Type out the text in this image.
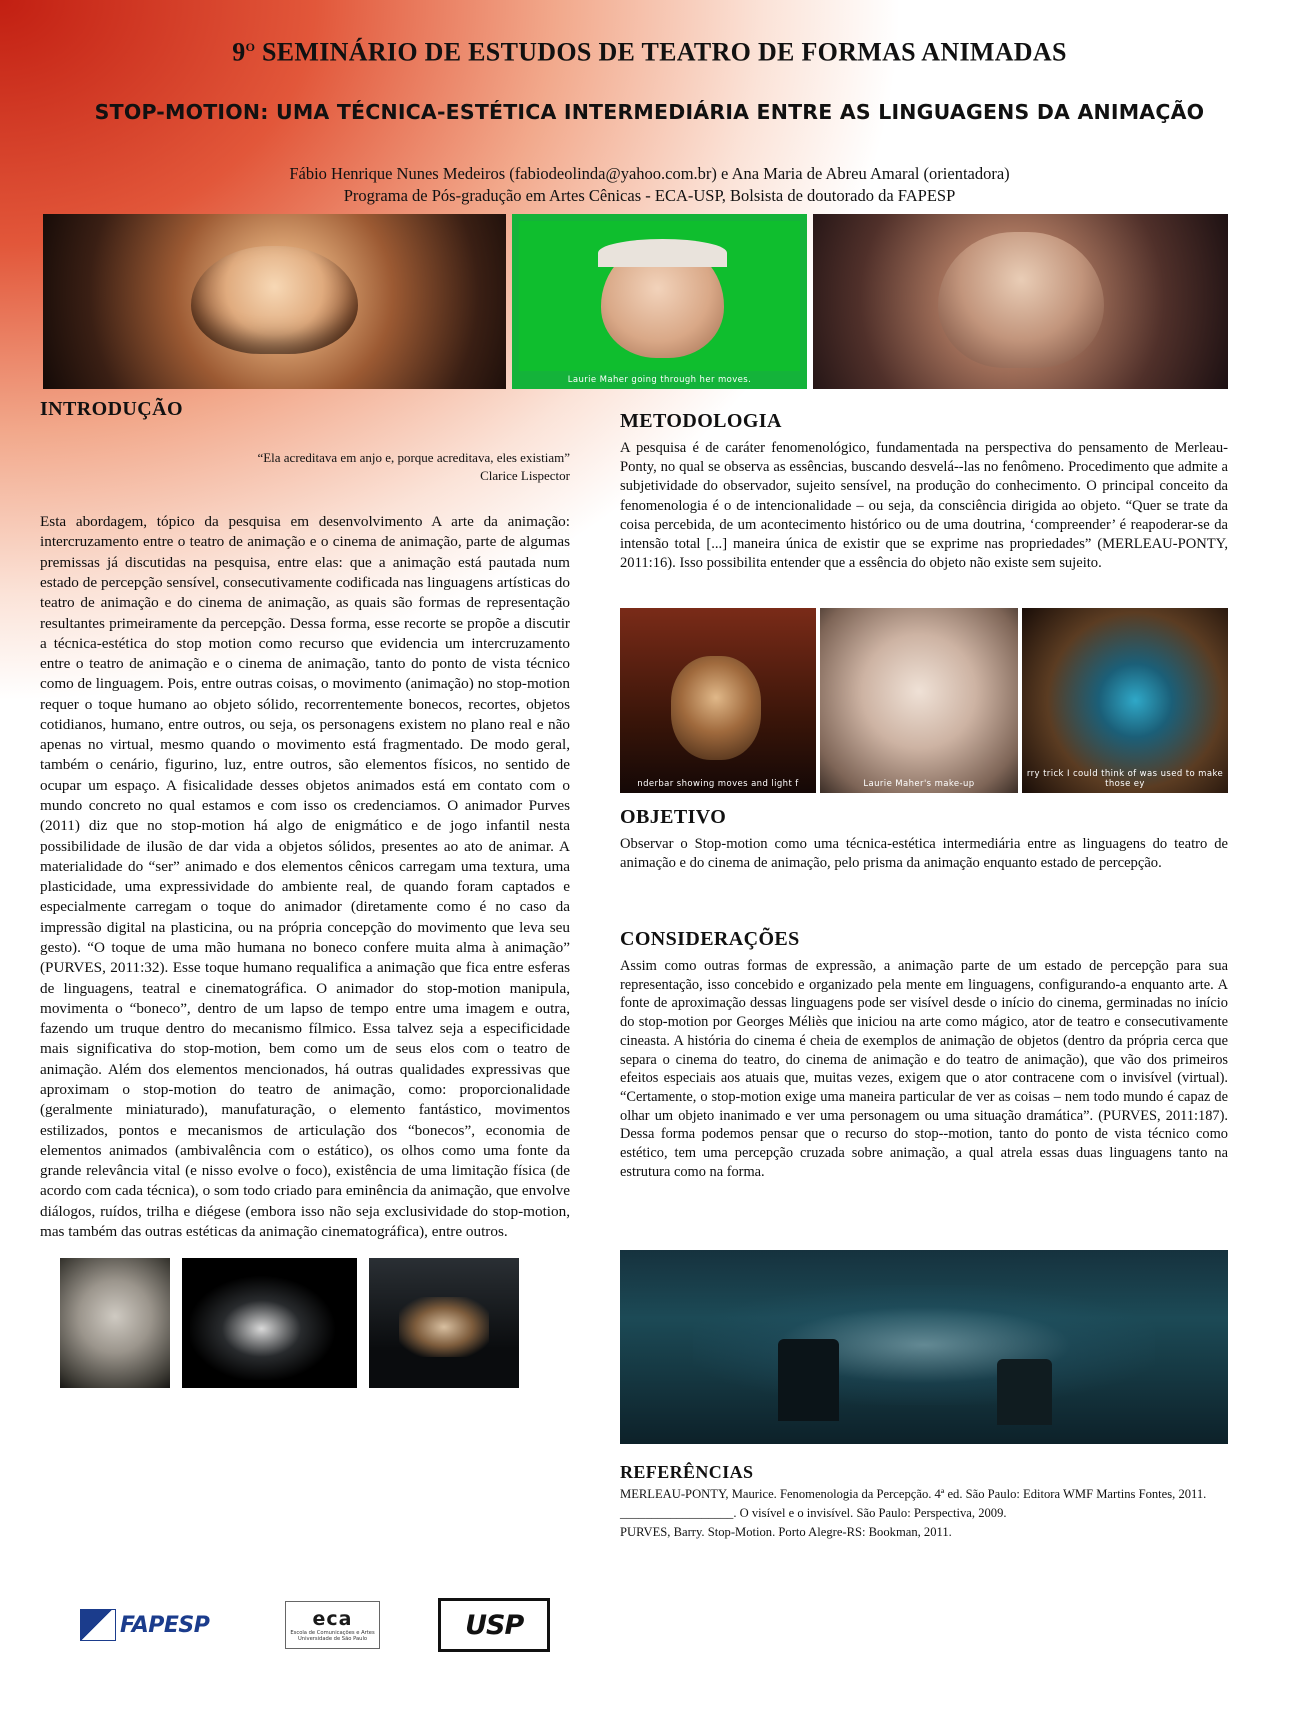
9$^o$ SEMINÁRIO DE ESTUDOS DE TEATRO DE FORMAS ANIMADAS
STOP-MOTION: UMA TÉCNICA-ESTÉTICA INTERMEDIÁRIA ENTRE AS LINGUAGENS DA ANIMAÇÃO
Fábio Henrique Nunes Medeiros (fabiodeolinda@yahoo.com.br) e Ana Maria de Abreu Amaral (orientadora)
Programa de Pós-gradução em Artes Cênicas - ECA-USP, Bolsista de doutorado da FAPESP
Laurie Maher going through her moves.
INTRODUÇÃO
“Ela acreditava em anjo e, porque acreditava, eles existiam”
Clarice Lispector

Esta abordagem, tópico da pesquisa em desenvolvimento A arte da animação: intercruzamento entre o teatro de animação e o cinema de animação, parte de algumas premissas já discutidas na pesquisa, entre elas: que a animação está pautada num estado de percepção sensível, consecutivamente codificada nas linguagens artísticas do teatro de animação e do cinema de animação, as quais são formas de representação resultantes primeiramente da percepção. Dessa forma, esse recorte se propõe a discutir a técnica-estética do stop motion como recurso que evidencia um intercruzamento entre o teatro de animação e o cinema de animação, tanto do ponto de vista técnico como de linguagem. Pois, entre outras coisas, o movimento (animação) no stop-motion requer o toque humano ao objeto sólido, recorrentemente bonecos, recortes, objetos cotidianos, humano, entre outros, ou seja, os personagens existem no plano real e não apenas no virtual, mesmo quando o movimento está fragmentado. De modo geral, também o cenário, figurino, luz, entre outros, são elementos físicos, no sentido de ocupar um espaço. A fisicalidade desses objetos animados está em contato com o mundo concreto no qual estamos e com isso os credenciamos. O animador Purves (2011) diz que no stop-motion há algo de enigmático e de jogo infantil nesta possibilidade de ilusão de dar vida a objetos sólidos, presentes ao ato de animar. A materialidade do “ser” animado e dos elementos cênicos carregam uma textura, uma plasticidade, uma expressividade do ambiente real, de quando foram captados e especialmente carregam o toque do animador (diretamente como é no caso da impressão digital na plasticina, ou na própria concepção do movimento que leva seu gesto). “O toque de uma mão humana no boneco confere muita alma à animação” (PURVES, 2011:32). Esse toque humano requalifica a animação que fica entre esferas de linguagens, teatral e cinematográfica. O animador do stop-motion manipula, movimenta o “boneco”, dentro de um lapso de tempo entre uma imagem e outra, fazendo um truque dentro do mecanismo fílmico. Essa talvez seja a especificidade mais significativa do stop-motion, bem como um de seus elos com o teatro de animação. Além dos elementos mencionados, há outras qualidades expressivas que aproximam o stop-motion do teatro de animação, como: proporcionalidade (geralmente miniaturado), manufaturação, o elemento fantástico, movimentos estilizados, pontos e mecanismos de articulação dos “bonecos”, economia de elementos animados (ambivalência com o estático), os olhos como uma fonte da grande relevância vital (e nisso evolve o foco), existência de uma limitação física (de acordo com cada técnica), o som todo criado para eminência da animação, que envolve diálogos, ruídos, trilha e diégese (embora isso não seja exclusividade do stop-motion, mas também das outras estéticas da animação cinematográfica), entre outros.

METODOLOGIA

A pesquisa é de caráter fenomenológico, fundamentada na perspectiva do pensamento de Merleau-Ponty, no qual se observa as essências, buscando desvelá--las no fenômeno. Procedimento que admite a subjetividade do observador, sujeito sensível, na produção do conhecimento. O principal conceito da fenomenologia é o de intencionalidade – ou seja, da consciência dirigida ao objeto. “Quer se trate da coisa percebida, de um acontecimento histórico ou de uma doutrina, ‘compreender’ é reapoderar-se da intensão total [...] maneira única de existir que se exprime nas propriedades” (MERLEAU-PONTY, 2011:16). Isso possibilita entender que a essência do objeto não existe sem sujeito.

nderbar showing moves and light f	Laurie Maher's make-up
rry trick I could think of was used to make those ey
OBJETIVO

Observar o Stop-motion como uma técnica-estética intermediária entre as linguagens do teatro de animação e do cinema de animação, pelo prisma da animação enquanto estado de percepção.

CONSIDERAÇÕES

Assim como outras formas de expressão, a animação parte de um estado de percepção para sua representação, isso concebido e organizado pela mente em linguagens, configurando-a enquanto arte. A fonte de aproximação dessas linguagens pode ser visível desde o início do cinema, germinadas no início do stop-motion por Georges Méliès que iniciou na arte como mágico, ator de teatro e consecutivamente cineasta. A história do cinema é cheia de exemplos de animação de objetos (dentro da própria cerca que separa o cinema do teatro, do cinema de animação e do teatro de animação), que vão dos primeiros efeitos especiais aos atuais que, muitas vezes, exigem que o ator contracene com o invisível (virtual). “Certamente, o stop-motion exige uma maneira particular de ver as coisas – nem todo mundo é capaz de olhar um objeto inanimado e ver uma personagem ou uma situação dramática”. (PURVES, 2011:187). Dessa forma podemos pensar que o recurso do stop--motion, tanto do ponto de vista técnico como estético, tem uma percepção cruzada sobre animação, a qual atrela essas duas linguagens tanto na estrutura como na forma.

REFERÊNCIAS

MERLEAU-PONTY, Maurice. Fenomenologia da Percepção. 4ª ed. São Paulo: Editora WMF Martins Fontes, 2011.

__________________. O visível e o invisível. São Paulo: Perspectiva, 2009.

PURVES, Barry. Stop-Motion. Porto Alegre-RS: Bookman, 2011.

FAPESP	eca
Escola de Comunicações e Artes Universidade de São Paulo	USP
